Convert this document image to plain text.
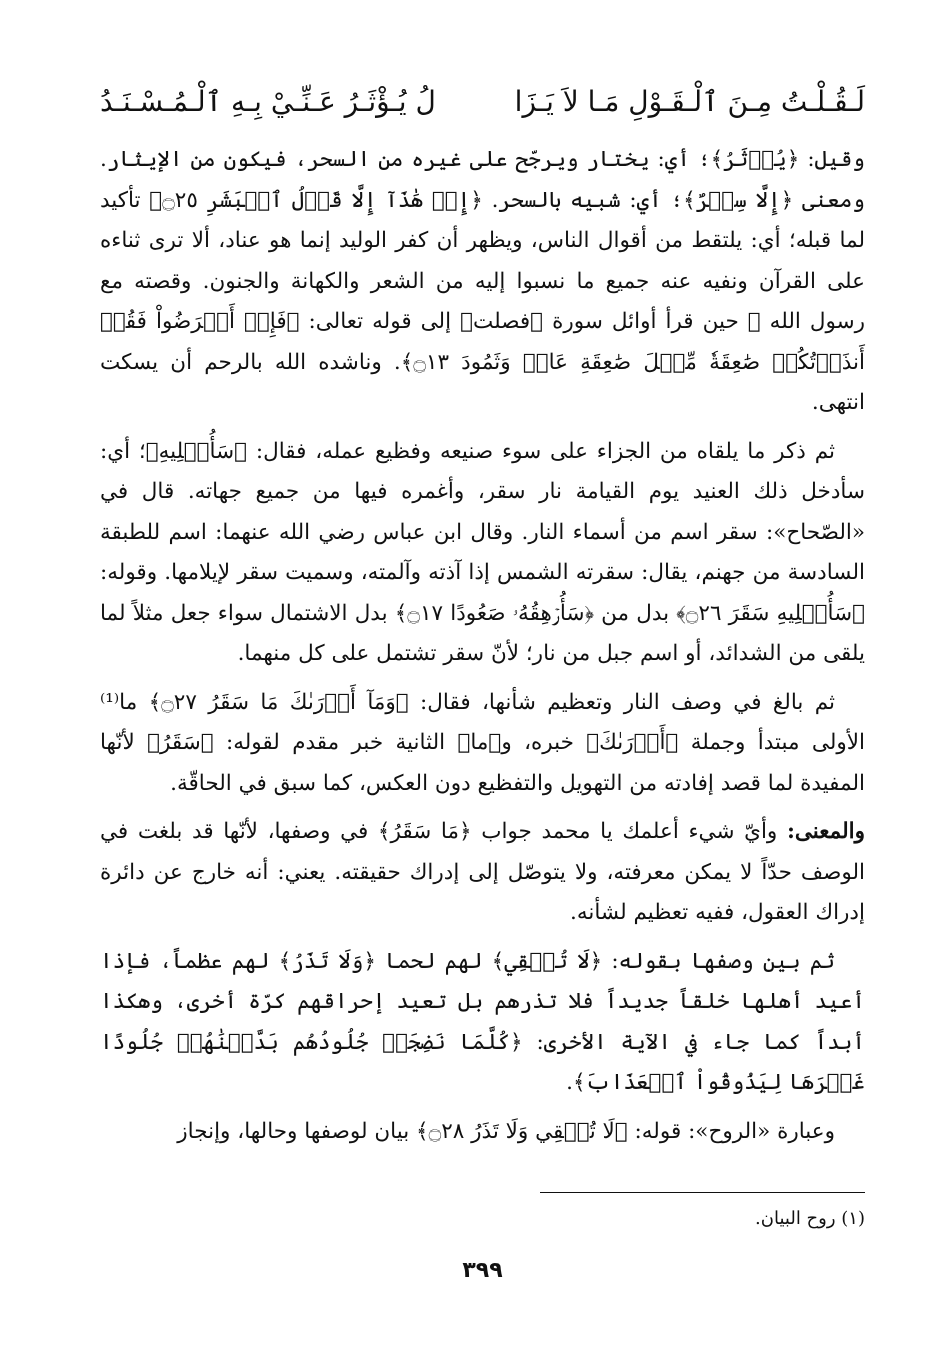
لَـقُـلْـتُ مِـنَ ٱلْـقَـوْلِ مَـا لاَ يَـزَا
لُ يُـؤْثَـرُ عَـنِّـيْ بِـهِ ٱلْـمُـسْـنَـدُ

وقيل: ﴿يُؤۡثَرُ﴾؛ أي: يختار ويرجّح على غيره من السحر، فيكون من الإيثار. ومعنى ﴿إِلَّا سِحۡرٌ﴾؛ أي: شبيه بالسحر. ﴿إِنۡ هَٰذَآ إِلَّا قَوۡلُ ٱلۡبَشَرِ ۝٢٥﴾ تأكيد لما قبله؛ أي: يلتقط من أقوال الناس، ويظهر أن كفر الوليد إنما هو عناد، ألا ترى ثناءه على القرآن ونفيه عنه جميع ما نسبوا إليه من الشعر والكهانة والجنون. وقصته مع رسول الله ﷺ حين قرأ أوائل سورة ﴿فصلت﴾ إلى قوله تعالى: ﴿فَإِنۡ أَعۡرَضُواْ فَقُلۡ أَنذَرۡتُكُمۡ صَٰعِقَةٗ مِّثۡلَ صَٰعِقَةِ عَادٖ وَثَمُودَ ۝١٣﴾. وناشده الله بالرحم أن يسكت انتهى.

ثم ذكر ما يلقاه من الجزاء على سوء صنيعه وفظيع عمله، فقال: ﴿سَأُصۡلِيهِ﴾؛ أي: سأدخل ذلك العنيد يوم القيامة نار سقر، وأغمره فيها من جميع جهاته. قال في «الصّحاح»: سقر اسم من أسماء النار. وقال ابن عباس رضي الله عنهما: اسم للطبقة السادسة من جهنم، يقال: سقرته الشمس إذا آذته وآلمته، وسميت سقر لإيلامها. وقوله: ﴿سَأُصۡلِيهِ سَقَرَ ۝٢٦﴾ بدل من ﴿سَأُرۡهِقُهُۥ صَعُودًا ۝١٧﴾ بدل الاشتمال سواء جعل مثلاً لما يلقى من الشدائد، أو اسم جبل من نار؛ لأنّ سقر تشتمل على كل منهما.

ثم بالغ في وصف النار وتعظيم شأنها، فقال: ﴿وَمَآ أَدۡرَىٰكَ مَا سَقَرُ ۝٢٧﴾ ما⁽¹⁾ الأولى مبتدأ وجملة ﴿أَدۡرَىٰكَ﴾ خبره، و﴿ما﴾ الثانية خبر مقدم لقوله: ﴿سَقَرُ﴾ لأنّها المفيدة لما قصد إفادته من التهويل والتفظيع دون العكس، كما سبق في الحاقّة.

والمعنى: وأيّ شيء أعلمك يا محمد جواب ﴿مَا سَقَرُ﴾ في وصفها، لأنّها قد بلغت في الوصف حدّاً لا يمكن معرفته، ولا يتوصّل إلى إدراك حقيقته. يعني: أنه خارج عن دائرة إدراك العقول، ففيه تعظيم لشأنه.

ثم بين وصفها بقوله: ﴿لَا تُبۡقِي﴾ لهم لحما ﴿وَلَا تَذَرُ﴾ لهم عظماً، فإذا أعيد أهلها خلقاً جديداً فلا تذرهم بل تعيد إحراقهم كرّة أخرى، وهكذا أبداً كما جاء في الآية الأخرى: ﴿كُلَّمَا نَضِجَتۡ جُلُودُهُم بَدَّلۡنَٰهُمۡ جُلُودًا غَيۡرَهَا لِيَذُوقُواْ ٱلۡعَذَابَ﴾.

وعبارة «الروح»: قوله: ﴿لَا تُبۡقِي وَلَا تَذَرُ ۝٢٨﴾ بيان لوصفها وحالها، وإنجاز

(١) روح البيان.
٣٩٩
